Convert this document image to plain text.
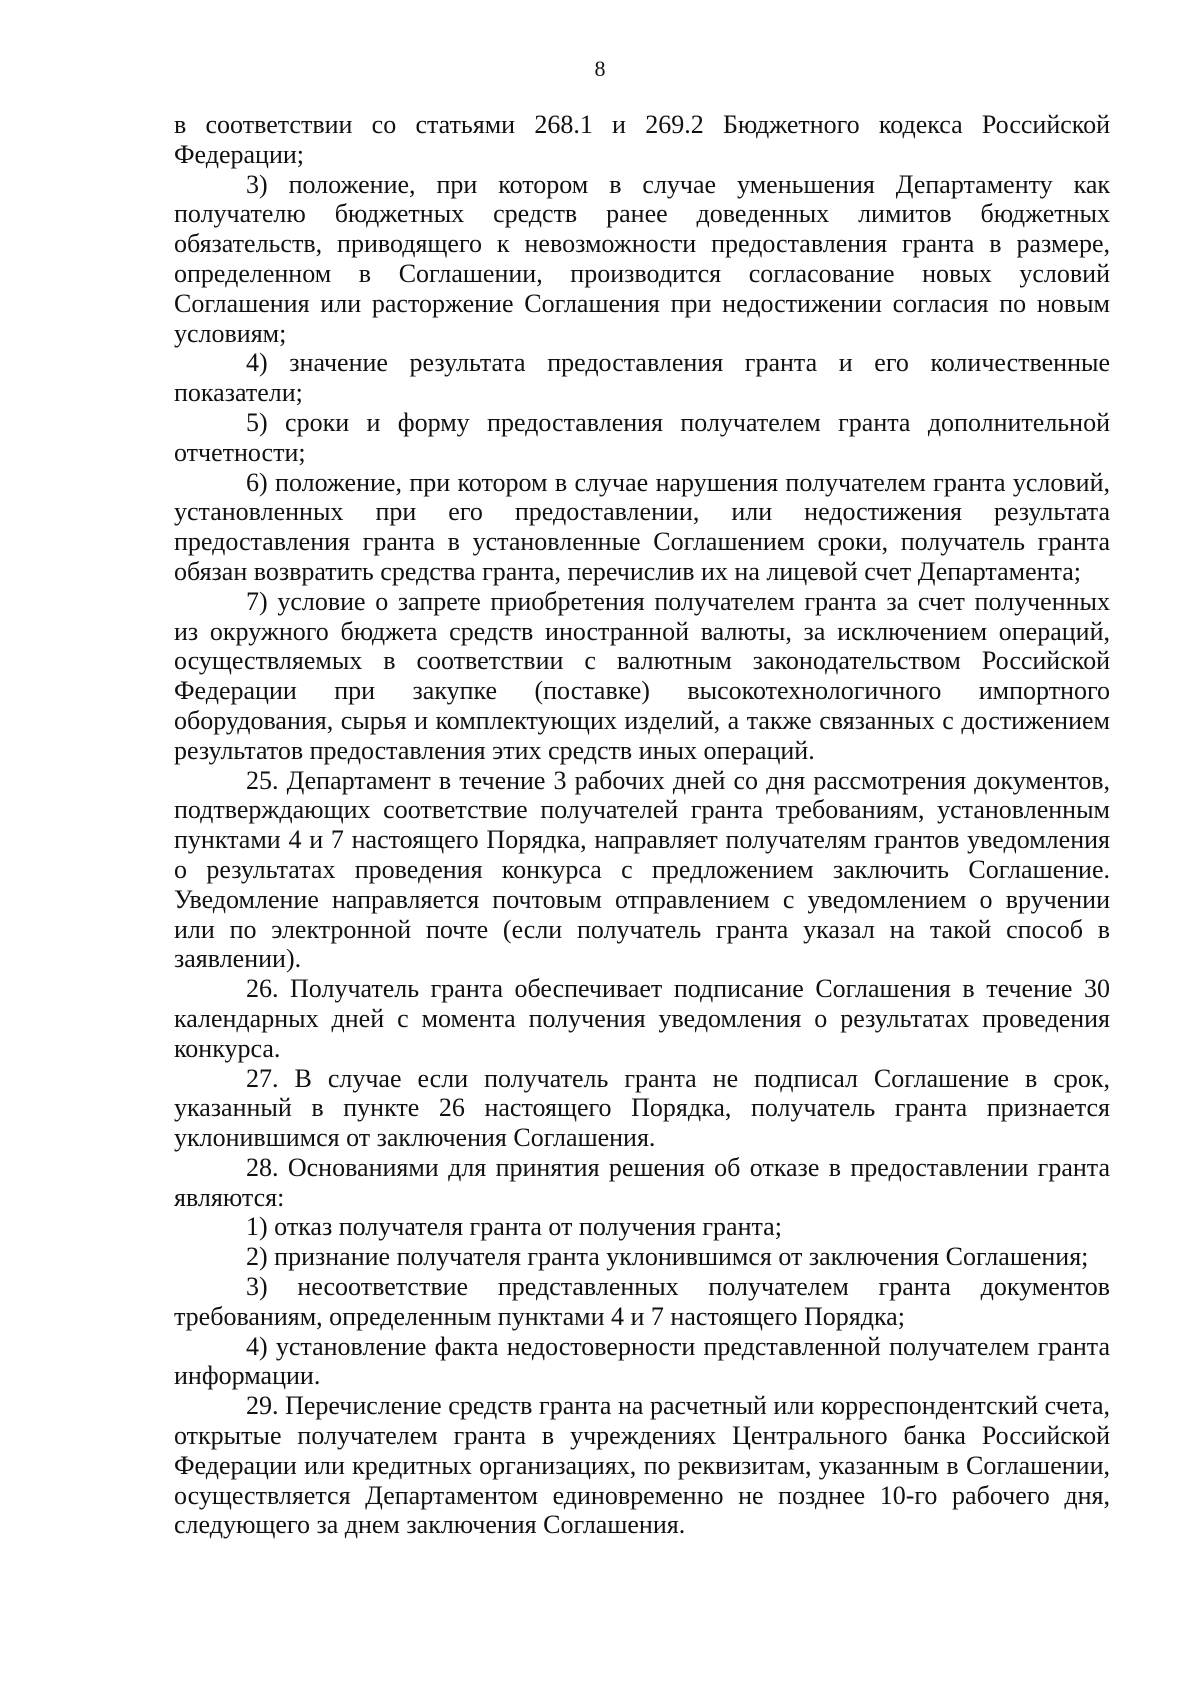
8

в соответствии со статьями 268.1 и 269.2 Бюджетного кодекса Российской Федерации;

3) положение, при котором в случае уменьшения Департаменту как получателю бюджетных средств ранее доведенных лимитов бюджетных обязательств, приводящего к невозможности предоставления гранта в размере, определенном в Соглашении, производится согласование новых условий Соглашения или расторжение Соглашения при недостижении согласия по новым условиям;

4) значение результата предоставления гранта и его количественные показатели;

5) сроки и форму предоставления получателем гранта дополнительной отчетности;

6) положение, при котором в случае нарушения получателем гранта условий, установленных при его предоставлении, или недостижения результата предоставления гранта в установленные Соглашением сроки, получатель гранта обязан возвратить средства гранта, перечислив их на лицевой счет Департамента;

7) условие о запрете приобретения получателем гранта за счет полученных из окружного бюджета средств иностранной валюты, за исключением операций, осуществляемых в соответствии с валютным законодательством Российской Федерации при закупке (поставке) высокотехнологичного импортного оборудования, сырья и комплектующих изделий, а также связанных с достижением результатов предоставления этих средств иных операций.

25. Департамент в течение 3 рабочих дней со дня рассмотрения документов, подтверждающих соответствие получателей гранта требованиям, установленным пунктами 4 и 7 настоящего Порядка, направляет получателям грантов уведомления о результатах проведения конкурса с предложением заключить Соглашение. Уведомление направляется почтовым отправлением с уведомлением о вручении или по электронной почте (если получатель гранта указал на такой способ в заявлении).

26. Получатель гранта обеспечивает подписание Соглашения в течение 30 календарных дней с момента получения уведомления о результатах проведения конкурса.

27. В случае если получатель гранта не подписал Соглашение в срок, указанный в пункте 26 настоящего Порядка, получатель гранта признается уклонившимся от заключения Соглашения.

28. Основаниями для принятия решения об отказе в предоставлении гранта являются:

1) отказ получателя гранта от получения гранта;

2) признание получателя гранта уклонившимся от заключения Соглашения;

3) несоответствие представленных получателем гранта документов требованиям, определенным пунктами 4 и 7 настоящего Порядка;

4) установление факта недостоверности представленной получателем гранта информации.

29. Перечисление средств гранта на расчетный или корреспондентский счета, открытые получателем гранта в учреждениях Центрального банка Российской Федерации или кредитных организациях, по реквизитам, указанным в Соглашении, осуществляется Департаментом единовременно не позднее 10-го рабочего дня, следующего за днем заключения Соглашения.
